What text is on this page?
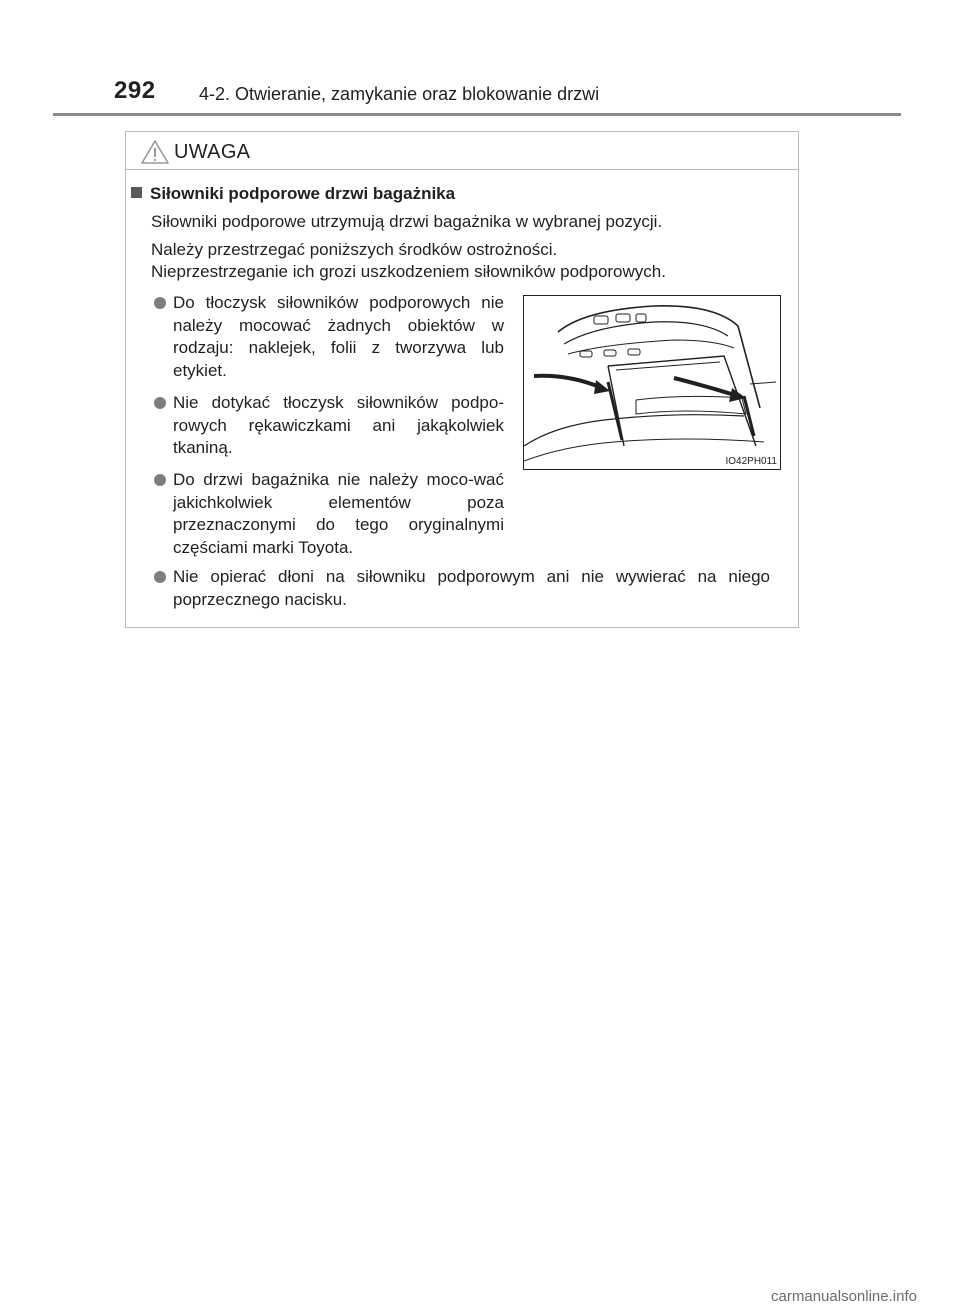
292 4-2. Otwieranie, zamykanie oraz blokowanie drzwi
UWAGA
Siłowniki podporowe drzwi bagażnika
Siłowniki podporowe utrzymują drzwi bagażnika w wybranej pozycji.
Należy przestrzegać poniższych środków ostrożności.
Nieprzestrzeganie ich grozi uszkodzeniem siłowników podporowych.
Do tłoczysk siłowników podporowych nie należy mocować żadnych obiektów w rodzaju: naklejek, folii z tworzywa lub etykiet.
Nie dotykać tłoczysk siłowników podpo-rowych rękawiczkami ani jakąkolwiek tkaniną.
Do drzwi bagażnika nie należy moco-wać jakichkolwiek elementów poza przeznaczonymi do tego oryginalnymi częściami marki Toyota.
Nie opierać dłoni na siłowniku podporowym ani nie wywierać na niego poprzecznego nacisku.
IO42PH011
carmanualsonline.info
